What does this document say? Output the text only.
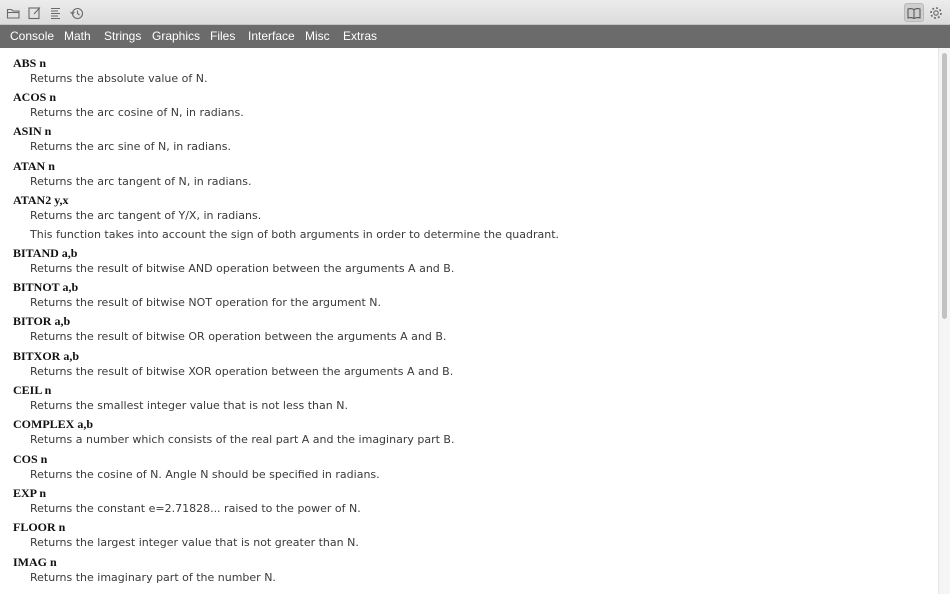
Console Math Strings Graphics Files Interface Misc Extras
ABS n
Returns the absolute value of N.
ACOS n
Returns the arc cosine of N, in radians.
ASIN n
Returns the arc sine of N, in radians.
ATAN n
Returns the arc tangent of N, in radians.
ATAN2 y,x
Returns the arc tangent of Y/X, in radians.
This function takes into account the sign of both arguments in order to determine the quadrant.
BITAND a,b
Returns the result of bitwise AND operation between the arguments A and B.
BITNOT a,b
Returns the result of bitwise NOT operation for the argument N.
BITOR a,b
Returns the result of bitwise OR operation between the arguments A and B.
BITXOR a,b
Returns the result of bitwise XOR operation between the arguments A and B.
CEIL n
Returns the smallest integer value that is not less than N.
COMPLEX a,b
Returns a number which consists of the real part A and the imaginary part B.
COS n
Returns the cosine of N. Angle N should be specified in radians.
EXP n
Returns the constant e=2.71828... raised to the power of N.
FLOOR n
Returns the largest integer value that is not greater than N.
IMAG n
Returns the imaginary part of the number N.
